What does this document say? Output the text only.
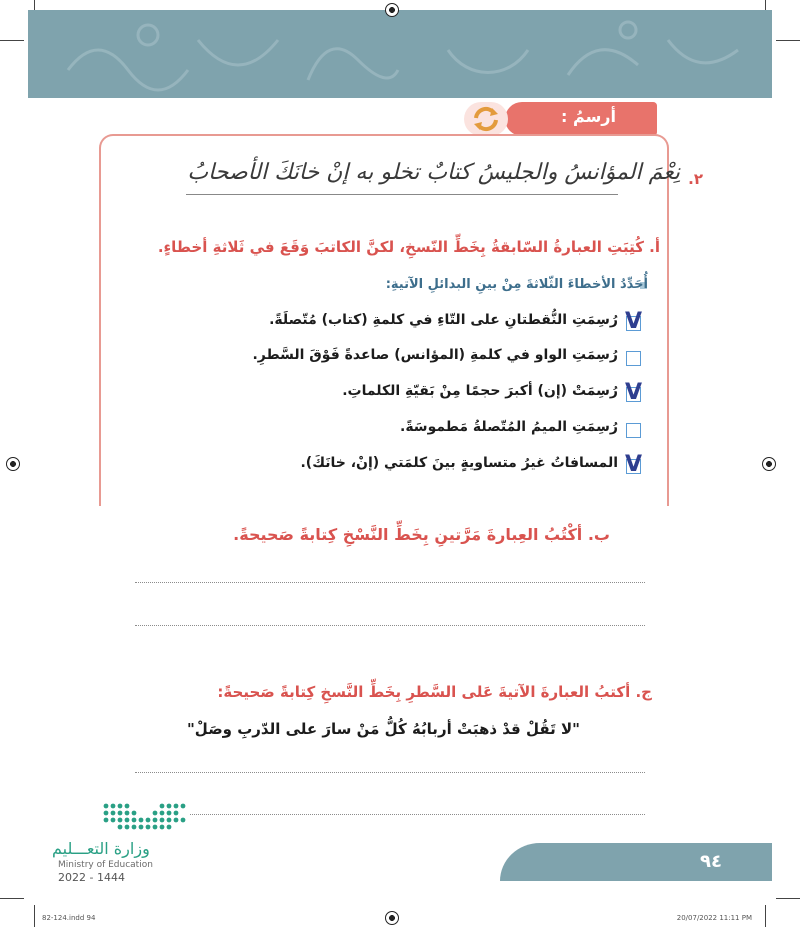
أرسمُ :
٢.
نِعْمَ المؤانسُ والجليسُ كتابٌ تخلو به إنْ خانَكَ الأصحابُ
أ. كُتِبَتِ العبارةُ السّابقةُ بِخَطِّ النّسخِ، لكنَّ الكاتبَ وَقَعَ في ثَلاثةِ أخطاءٍ.
أُحَدِّدُ الأخطاءَ الثّلاثةَ مِنْ بينِ البدائلِ الآتيةِ:
V
رُسِمَتِ النُّقطتانِ على التّاءِ في كلمةِ (كتاب) مُتّصلَةً.
رُسِمَتِ الواو في كلمةِ (المؤانس) صاعدةً فَوْقَ السَّطرِ.
V
رُسِمَتْ (إن) أكبرَ حجمًا مِنْ بَقيّةِ الكلماتِ.
رُسِمَتِ الميمُ المُتّصلةُ مَطموسَةً.
V
المسافاتُ غيرُ متساويةٍ بينَ كلمَتي (إنْ، خانَكَ).
ب. أكْتُبُ العِبارةَ مَرَّتينِ بِخَطِّ النَّسْخِ كِتابةً صَحيحةً.
ج. أكتبُ العبارةَ الآتيةَ عَلى السَّطرِ بِخَطِّ النَّسخِ كِتابةً صَحيحةً:
"لا تَقُلْ قدْ ذهبَتْ أربابُهُ كُلُّ مَنْ سارَ على الدّربِ وصَلْ"
وزارة التعـــليم
Ministry of Education
2022 - 1444
٩٤
82-124.indd 94	20/07/2022 11:11 PM
